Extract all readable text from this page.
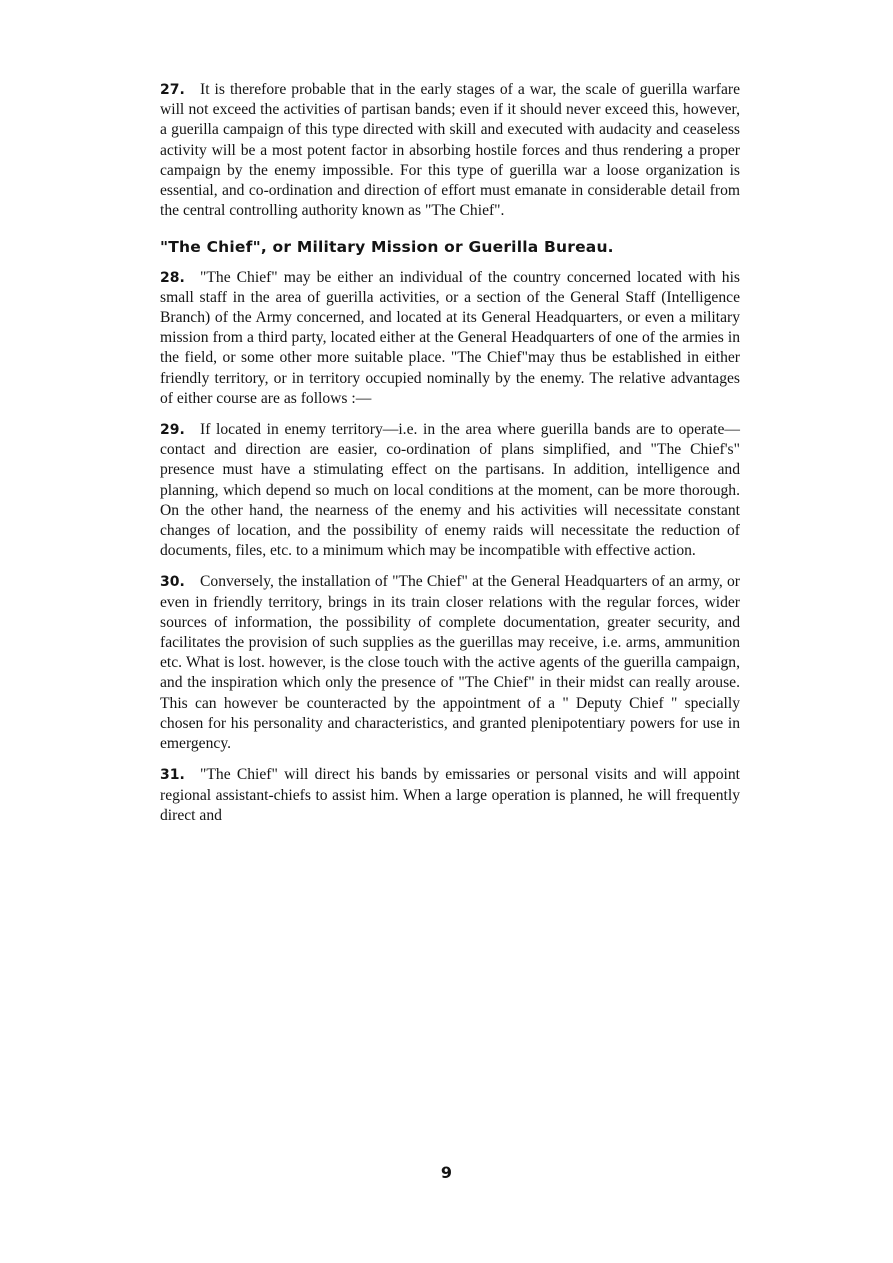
27. It is therefore probable that in the early stages of a war, the scale of guerilla warfare will not exceed the activities of partisan bands; even if it should never exceed this, however, a guerilla campaign of this type directed with skill and executed with audacity and ceaseless activity will be a most potent factor in absorbing hostile forces and thus rendering a proper campaign by the enemy impossible. For this type of guerilla war a loose organization is essential, and co-ordination and direction of effort must emanate in considerable detail from the central controlling authority known as "The Chief".

"The Chief", or Military Mission or Guerilla Bureau.

28. "The Chief" may be either an individual of the country concerned located with his small staff in the area of guerilla activities, or a section of the General Staff (Intelligence Branch) of the Army concerned, and located at its General Headquarters, or even a military mission from a third party, located either at the General Headquarters of one of the armies in the field, or some other more suitable place. "The Chief"may thus be established in either friendly territory, or in territory occupied nominally by the enemy. The relative advantages of either course are as follows :—

29. If located in enemy territory—i.e. in the area where guerilla bands are to operate—contact and direction are easier, co-ordination of plans simplified, and "The Chief's" presence must have a stimulating effect on the partisans. In addition, intelligence and planning, which depend so much on local conditions at the moment, can be more thorough. On the other hand, the nearness of the enemy and his activities will necessitate constant changes of location, and the possibility of enemy raids will necessitate the reduction of documents, files, etc. to a minimum which may be incompatible with effective action.

30. Conversely, the installation of "The Chief" at the General Headquarters of an army, or even in friendly territory, brings in its train closer relations with the regular forces, wider sources of information, the possibility of complete documentation, greater security, and facilitates the provision of such supplies as the guerillas may receive, i.e. arms, ammunition etc. What is lost. however, is the close touch with the active agents of the guerilla campaign, and the inspiration which only the presence of "The Chief" in their midst can really arouse. This can however be counteracted by the appointment of a " Deputy Chief " specially chosen for his personality and characteristics, and granted plenipotentiary powers for use in emergency.

31. "The Chief" will direct his bands by emissaries or personal visits and will appoint regional assistant-chiefs to assist him. When a large operation is planned, he will frequently direct and

9
